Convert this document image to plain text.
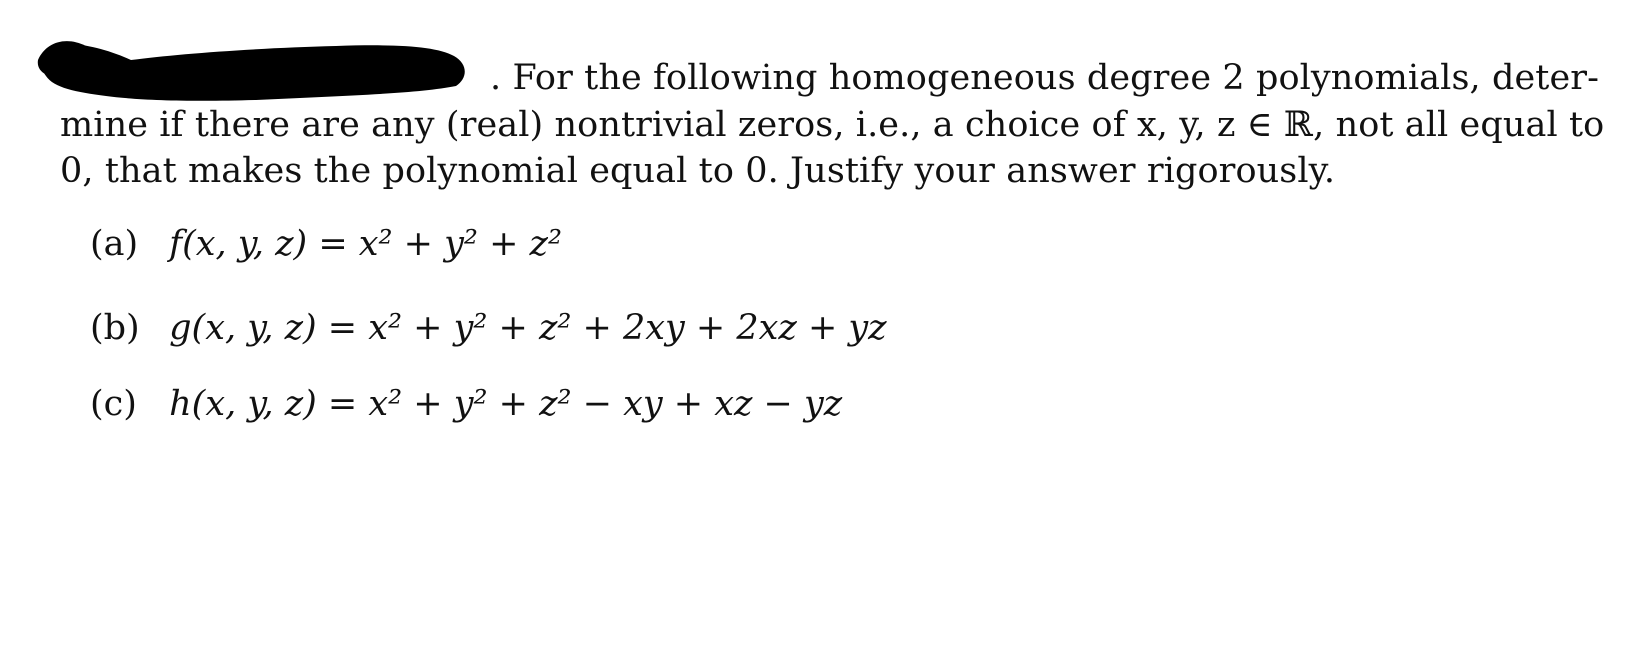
. For the following homogeneous degree 2 polynomials, deter-
mine if there are any (real) nontrivial zeros, i.e., a choice of x, y, z ∈ ℝ, not all equal to
0, that makes the polynomial equal to 0. Justify your answer rigorously.
(a) f(x, y, z) = x² + y² + z²
(b) g(x, y, z) = x² + y² + z² + 2xy + 2xz + yz
(c) h(x, y, z) = x² + y² + z² − xy + xz − yz
